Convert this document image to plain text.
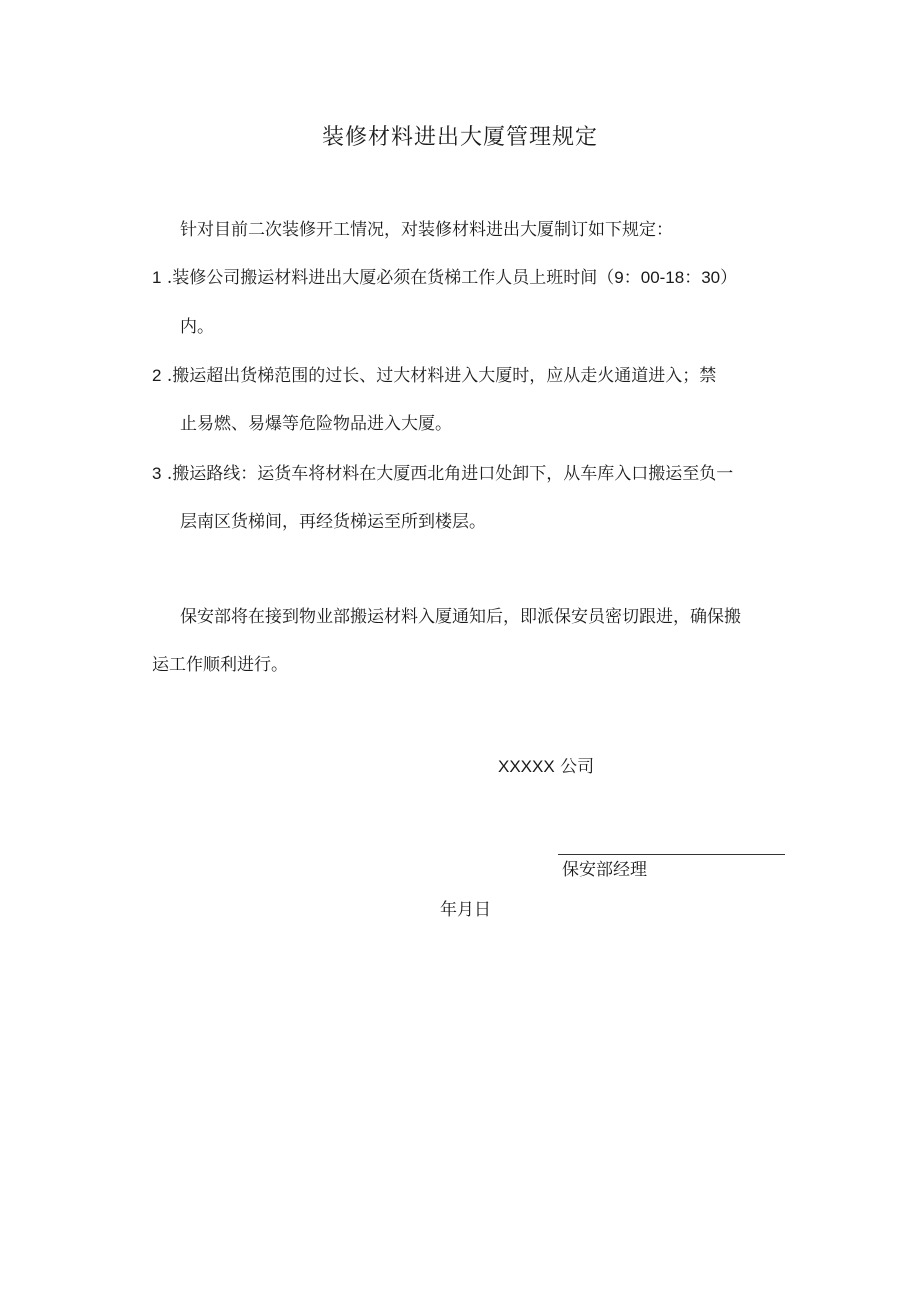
装修材料进出大厦管理规定
针对目前二次装修开工情况，对装修材料进出大厦制订如下规定：
1 .装修公司搬运材料进出大厦必须在货梯工作人员上班时间（9：00-18：30）
内。
2 .搬运超出货梯范围的过长、过大材料进入大厦时，应从走火通道进入；禁
止易燃、易爆等危险物品进入大厦。
3 .搬运路线：运货车将材料在大厦西北角进口处卸下，从车库入口搬运至负一
层南区货梯间，再经货梯运至所到楼层。
保安部将在接到物业部搬运材料入厦通知后，即派保安员密切跟进，确保搬
运工作顺利进行。
XXXXX 公司
保安部经理
年月日
